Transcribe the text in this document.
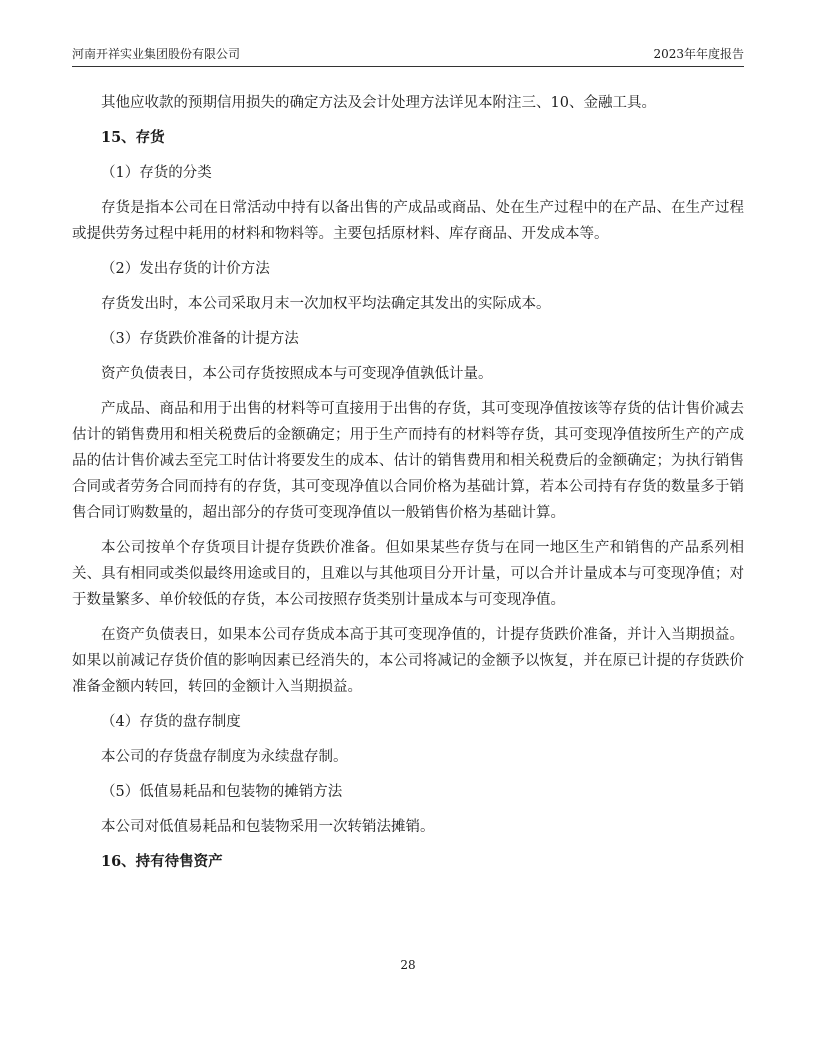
河南开祥实业集团股份有限公司	2023年年度报告

其他应收款的预期信用损失的确定方法及会计处理方法详见本附注三、10、金融工具。

15、存货

（1）存货的分类

存货是指本公司在日常活动中持有以备出售的产成品或商品、处在生产过程中的在产品、在生产过程或提供劳务过程中耗用的材料和物料等。主要包括原材料、库存商品、开发成本等。

（2）发出存货的计价方法

存货发出时，本公司采取月末一次加权平均法确定其发出的实际成本。

（3）存货跌价准备的计提方法

资产负债表日，本公司存货按照成本与可变现净值孰低计量。

产成品、商品和用于出售的材料等可直接用于出售的存货，其可变现净值按该等存货的估计售价减去估计的销售费用和相关税费后的金额确定；用于生产而持有的材料等存货，其可变现净值按所生产的产成品的估计售价减去至完工时估计将要发生的成本、估计的销售费用和相关税费后的金额确定；为执行销售合同或者劳务合同而持有的存货，其可变现净值以合同价格为基础计算，若本公司持有存货的数量多于销售合同订购数量的，超出部分的存货可变现净值以一般销售价格为基础计算。

本公司按单个存货项目计提存货跌价准备。但如果某些存货与在同一地区生产和销售的产品系列相关、具有相同或类似最终用途或目的，且难以与其他项目分开计量，可以合并计量成本与可变现净值；对于数量繁多、单价较低的存货，本公司按照存货类别计量成本与可变现净值。

在资产负债表日，如果本公司存货成本高于其可变现净值的，计提存货跌价准备，并计入当期损益。如果以前减记存货价值的影响因素已经消失的，本公司将减记的金额予以恢复，并在原已计提的存货跌价准备金额内转回，转回的金额计入当期损益。

（4）存货的盘存制度

本公司的存货盘存制度为永续盘存制。

（5）低值易耗品和包装物的摊销方法

本公司对低值易耗品和包装物采用一次转销法摊销。

16、持有待售资产

28
